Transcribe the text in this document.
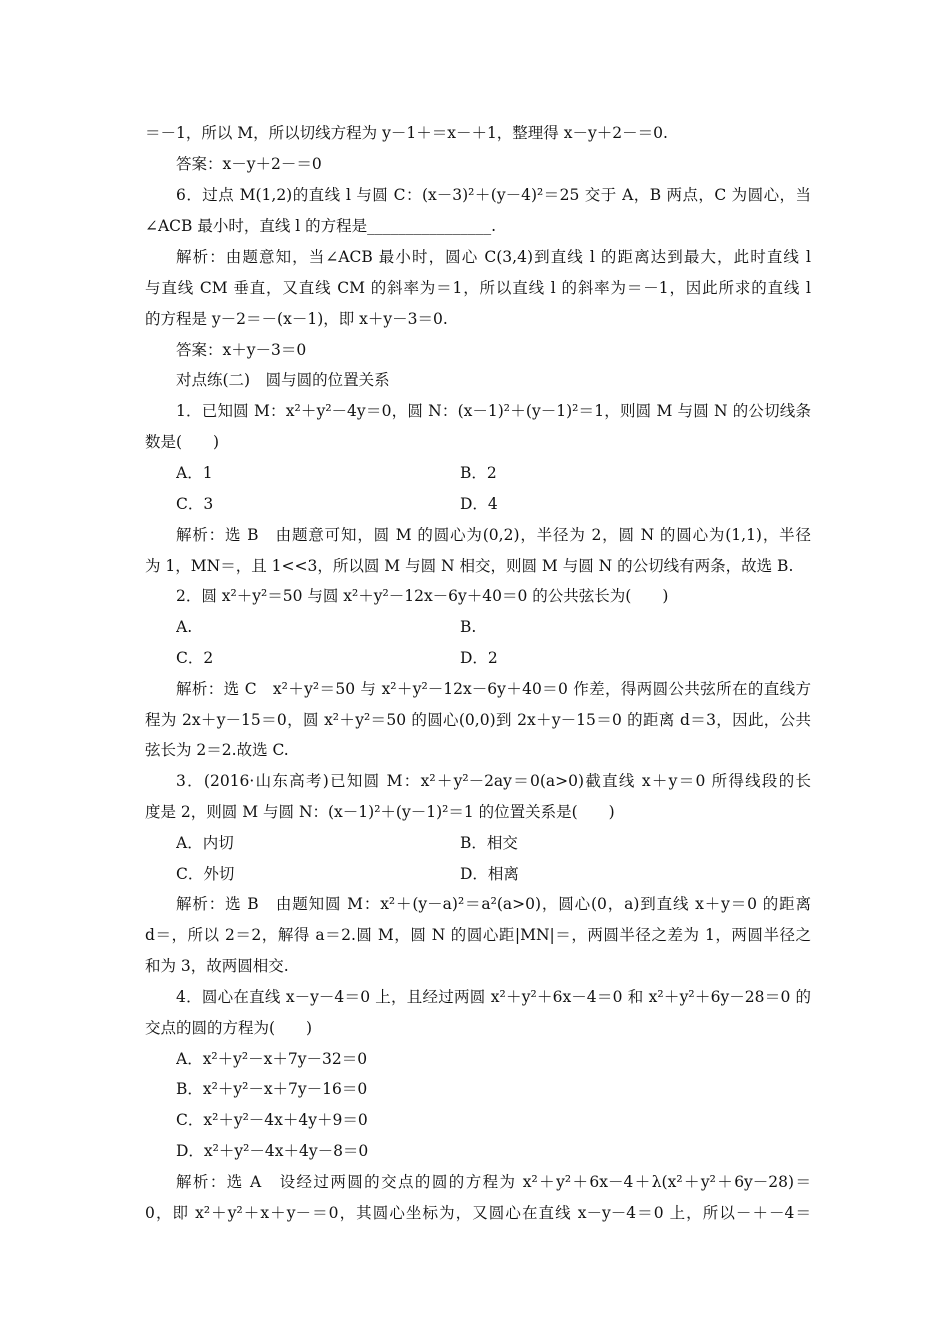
＝－1，所以 M，所以切线方程为 y－1＋＝x－＋1，整理得 x－y＋2－＝0.
答案：x－y＋2－＝0
6．过点 M(1,2)的直线 l 与圆 C：(x－3)²＋(y－4)²＝25 交于 A，B 两点，C 为圆心，当
∠ACB 最小时，直线 l 的方程是________________.
解析：由题意知，当∠ACB 最小时，圆心 C(3,4)到直线 l 的距离达到最大，此时直线 l
与直线 CM 垂直，又直线 CM 的斜率为＝1，所以直线 l 的斜率为＝－1，因此所求的直线 l
的方程是 y－2＝－(x－1)，即 x＋y－3＝0.
答案：x＋y－3＝0
对点练(二)　圆与圆的位置关系
1．已知圆 M：x²＋y²－4y＝0，圆 N：(x－1)²＋(y－1)²＝1，则圆 M 与圆 N 的公切线条
数是(　　)
A．1	B．2
C．3	D．4
解析：选 B　由题意可知，圆 M 的圆心为(0,2)，半径为 2，圆 N 的圆心为(1,1)，半径
为 1，MN＝，且 1<<3，所以圆 M 与圆 N 相交，则圆 M 与圆 N 的公切线有两条，故选 B.
2．圆 x²＋y²＝50 与圆 x²＋y²－12x－6y＋40＝0 的公共弦长为(　　)
A.	B.
C．2	D．2
解析：选 C　x²＋y²＝50 与 x²＋y²－12x－6y＋40＝0 作差，得两圆公共弦所在的直线方
程为 2x＋y－15＝0，圆 x²＋y²＝50 的圆心(0,0)到 2x＋y－15＝0 的距离 d＝3，因此，公共
弦长为 2＝2.故选 C.
3．(2016·山东高考)已知圆 M：x²＋y²－2ay＝0(a>0)截直线 x＋y＝0 所得线段的长
度是 2，则圆 M 与圆 N：(x－1)²＋(y－1)²＝1 的位置关系是(　　)
A．内切	B．相交
C．外切	D．相离
解析：选 B　由题知圆 M：x²＋(y－a)²＝a²(a>0)，圆心(0，a)到直线 x＋y＝0 的距离
d＝，所以 2＝2，解得 a＝2.圆 M，圆 N 的圆心距|MN|＝，两圆半径之差为 1，两圆半径之
和为 3，故两圆相交.
4．圆心在直线 x－y－4＝0 上，且经过两圆 x²＋y²＋6x－4＝0 和 x²＋y²＋6y－28＝0 的
交点的圆的方程为(　　)
A．x²＋y²－x＋7y－32＝0
B．x²＋y²－x＋7y－16＝0
C．x²＋y²－4x＋4y＋9＝0
D．x²＋y²－4x＋4y－8＝0
解析：选 A　设经过两圆的交点的圆的方程为 x²＋y²＋6x－4＋λ(x²＋y²＋6y－28)＝
0，即 x²＋y²＋x＋y－＝0，其圆心坐标为，又圆心在直线 x－y－4＝0 上，所以－＋－4＝
